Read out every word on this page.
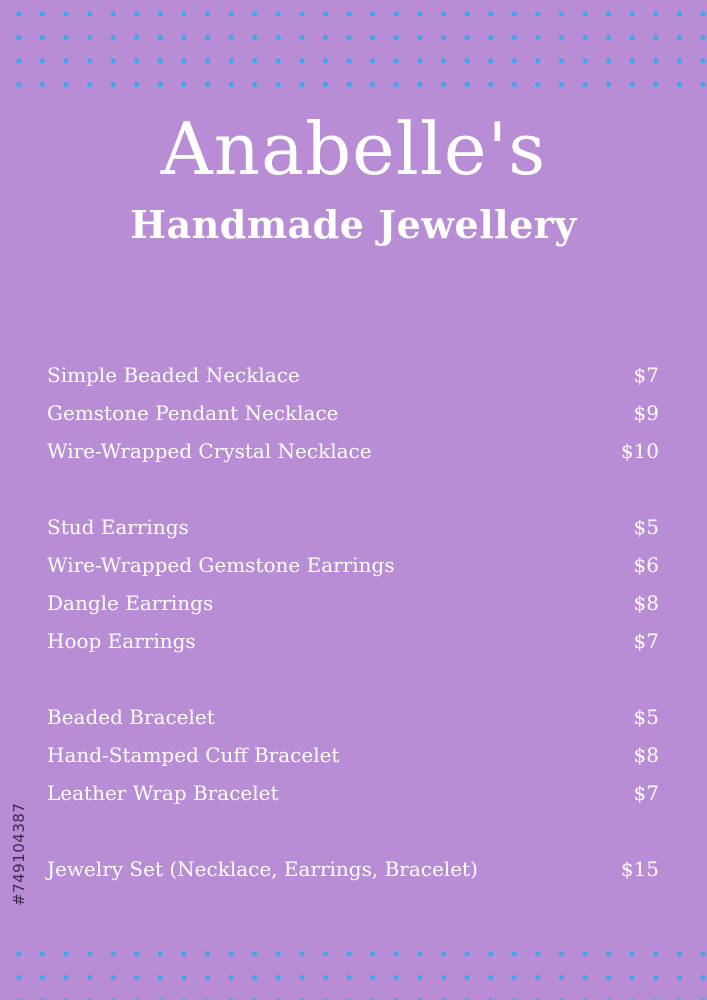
Anabelle's
Handmade Jewellery
Simple Beaded Necklace	$7
Gemstone Pendant Necklace	$9
Wire-Wrapped Crystal Necklace	$10
Stud Earrings	$5
Wire-Wrapped Gemstone Earrings	$6
Dangle Earrings	$8
Hoop Earrings	$7
Beaded Bracelet	$5
Hand-Stamped Cuff Bracelet	$8
Leather Wrap Bracelet	$7
Jewelry Set (Necklace, Earrings, Bracelet)	$15
#749104387
